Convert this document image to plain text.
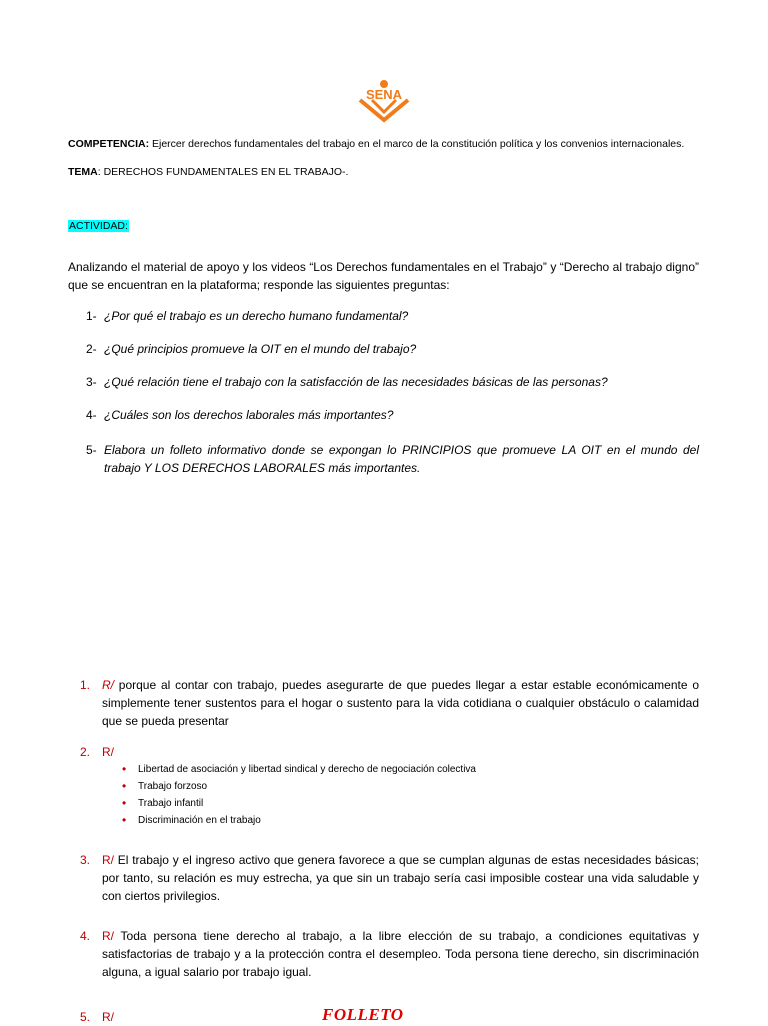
SENA
COMPETENCIA: Ejercer derechos fundamentales del trabajo en el marco de la constitución política y los convenios internacionales.
TEMA: DERECHOS FUNDAMENTALES EN EL TRABAJO-.
ACTIVIDAD:
Analizando el material de apoyo y los videos “Los Derechos fundamentales en el Trabajo” y “Derecho al trabajo digno” que se encuentran en la plataforma; responde las siguientes preguntas:
1- ¿Por qué el trabajo es un derecho humano fundamental?
2- ¿Qué principios promueve la OIT en el mundo del trabajo?
3- ¿Qué relación tiene el trabajo con la satisfacción de las necesidades básicas de las personas?
4- ¿Cuáles son los derechos laborales más importantes?
5- Elabora un folleto informativo donde se expongan lo PRINCIPIOS que promueve LA OIT en el mundo del trabajo Y LOS DERECHOS LABORALES más importantes.
1. R/ porque al contar con trabajo, puedes asegurarte de que puedes llegar a estar estable económicamente o simplemente tener sustentos para el hogar o sustento para la vida cotidiana o cualquier obstáculo o calamidad que se pueda presentar
2. R/
• Libertad de asociación y libertad sindical y derecho de negociación colectiva
• Trabajo forzoso
• Trabajo infantil
• Discriminación en el trabajo
3. R/ El trabajo y el ingreso activo que genera favorece a que se cumplan algunas de estas necesidades básicas; por tanto, su relación es muy estrecha, ya que sin un trabajo sería casi imposible costear una vida saludable y con ciertos privilegios.
4. R/ Toda persona tiene derecho al trabajo, a la libre elección de su trabajo, a condiciones equitativas y satisfactorias de trabajo y a la protección contra el desempleo. Toda persona tiene derecho, sin discriminación alguna, a igual salario por trabajo igual.
5. R/	FOLLETO
